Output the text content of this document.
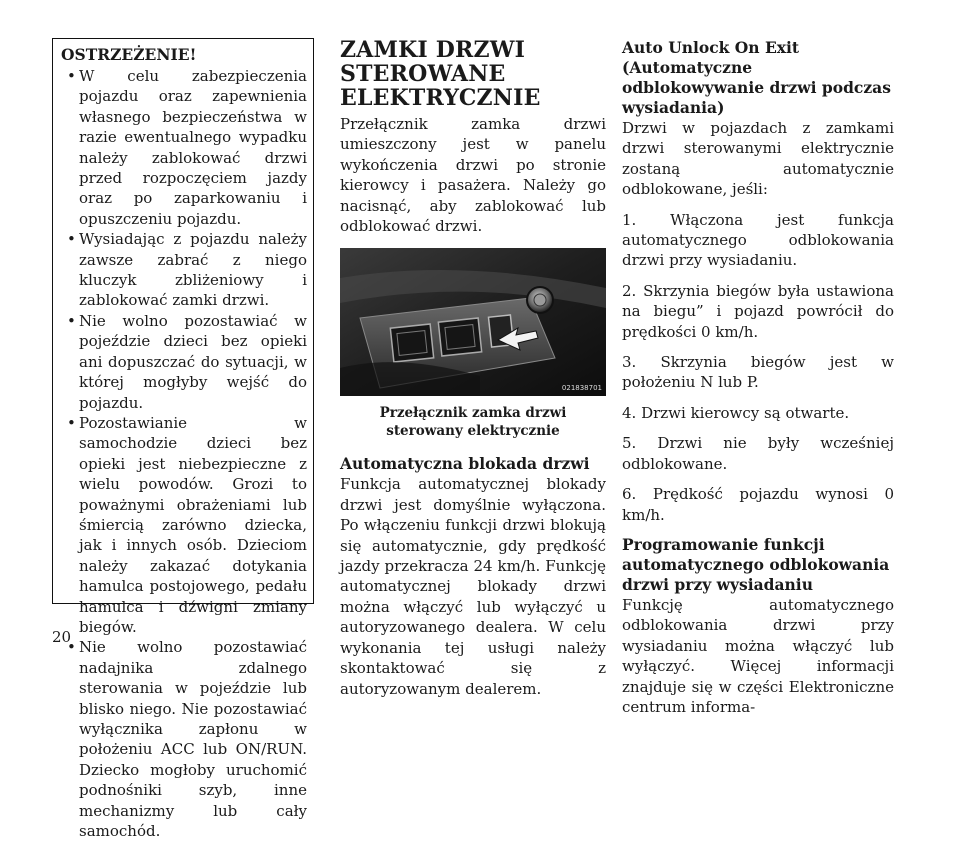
OSTRZEŻENIE!
• W celu zabezpieczenia pojazdu oraz zapewnienia własnego bezpieczeństwa w razie ewentualnego wypadku należy zablokować drzwi przed rozpoczęciem jazdy oraz po zaparkowaniu i opuszczeniu pojazdu.
• Wysiadając z pojazdu należy zawsze zabrać z niego kluczyk zbliżeniowy i zablokować zamki drzwi.
• Nie wolno pozostawiać w pojeździe dzieci bez opieki ani dopuszczać do sytuacji, w której mogłyby wejść do pojazdu.
• Pozostawianie w samochodzie dzieci bez opieki jest niebezpieczne z wielu powodów. Grozi to poważnymi obrażeniami lub śmiercią zarówno dziecka, jak i innych osób. Dzieciom należy zakazać dotykania hamulca postojowego, pedału hamulca i dźwigni zmiany biegów.
• Nie wolno pozostawiać nadajnika zdalnego sterowania w pojeździe lub blisko niego. Nie pozostawiać wyłącznika zapłonu w położeniu ACC lub ON/RUN. Dziecko mogłoby uruchomić podnośniki szyb, inne mechanizmy lub cały samochód.
ZAMKI DRZWI STEROWANE ELEKTRYCZNIE

Przełącznik zamka drzwi umieszczony jest w panelu wykończenia drzwi po stronie kierowcy i pasażera. Należy go nacisnąć, aby zablokować lub odblokować drzwi.

021838701
Przełącznik zamka drzwi sterowany elektrycznie
Automatyczna blokada drzwi

Funkcja automatycznej blokady drzwi jest domyślnie wyłączona. Po włączeniu funkcji drzwi blokują się automatycznie, gdy prędkość jazdy przekracza 24 km/h. Funkcję automatycznej blokady drzwi można włączyć lub wyłączyć u autoryzowanego dealera. W celu wykonania tej usługi należy skontaktować się z autoryzowanym dealerem.

Auto Unlock On Exit (Automatyczne odblokowywanie drzwi podczas wysiadania)

Drzwi w pojazdach z zamkami drzwi sterowanymi elektrycznie zostaną automatycznie odblokowane, jeśli:

1. Włączona jest funkcja automatycznego odblokowania drzwi przy wysiadaniu.

2. Skrzynia biegów była ustawiona na biegu” i pojazd powrócił do prędkości 0 km/h.

3. Skrzynia biegów jest w położeniu N lub P.

4. Drzwi kierowcy są otwarte.

5. Drzwi nie były wcześniej odblokowane.

6. Prędkość pojazdu wynosi 0 km/h.

Programowanie funkcji automatycznego odblokowania drzwi przy wysiadaniu

Funkcję automatycznego odblokowania drzwi przy wysiadaniu można włączyć lub wyłączyć. Więcej informacji znajduje się w części Elektroniczne centrum informa-

20
